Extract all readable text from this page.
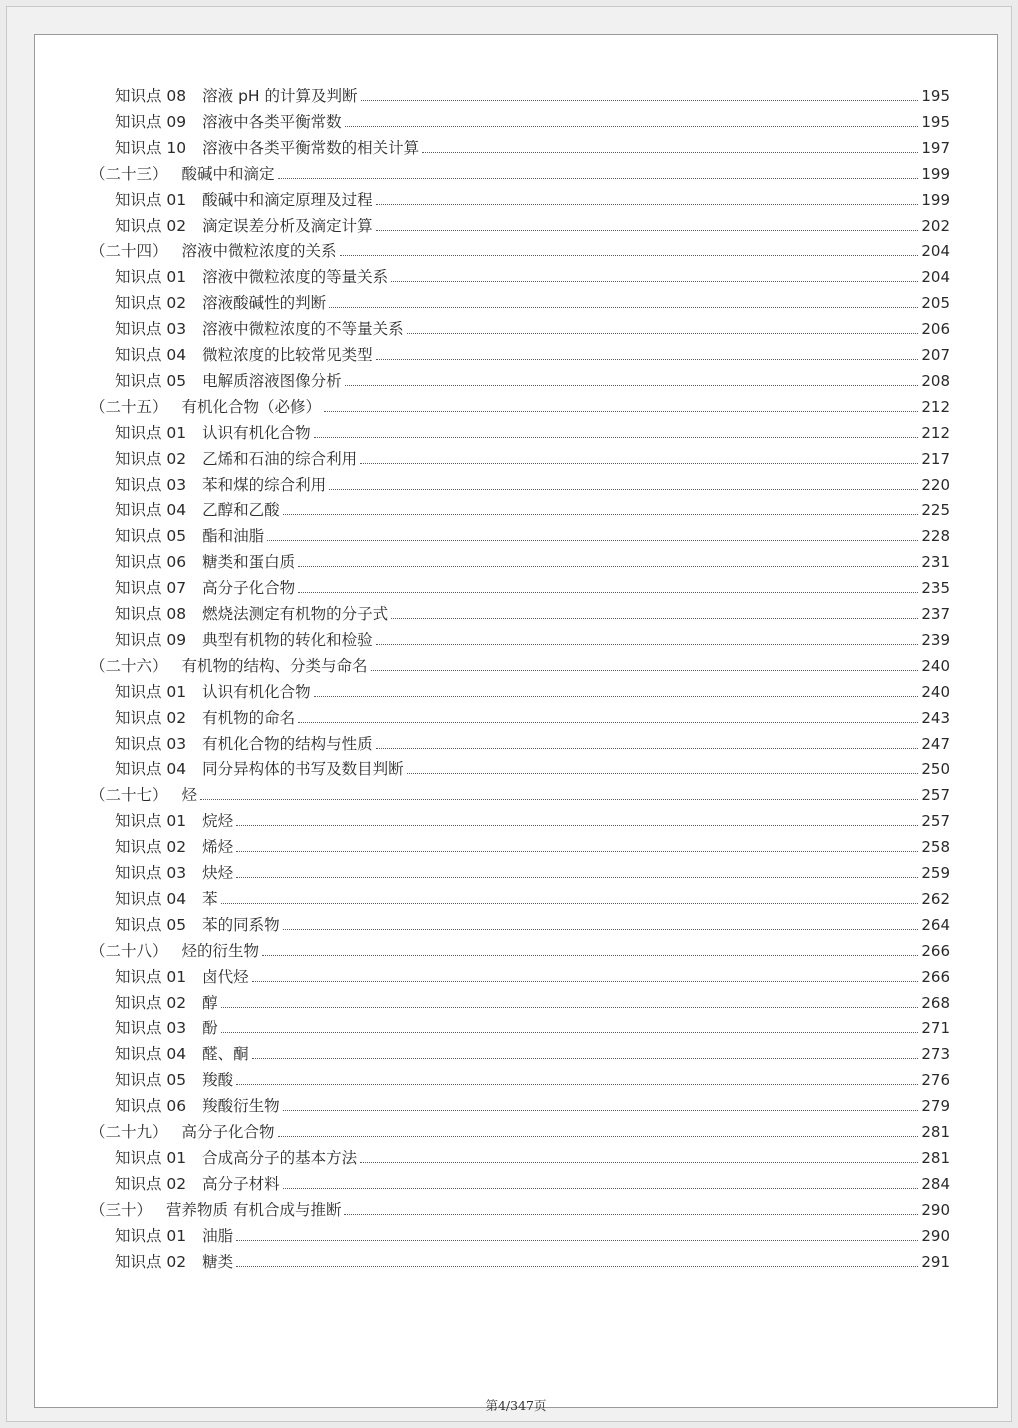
知识点 08 溶液 pH 的计算及判断	195
知识点 09 溶液中各类平衡常数	195
知识点 10 溶液中各类平衡常数的相关计算	197
（二十三） 酸碱中和滴定	199
知识点 01 酸碱中和滴定原理及过程	199
知识点 02 滴定误差分析及滴定计算	202
（二十四） 溶液中微粒浓度的关系	204
知识点 01 溶液中微粒浓度的等量关系	204
知识点 02 溶液酸碱性的判断	205
知识点 03 溶液中微粒浓度的不等量关系	206
知识点 04 微粒浓度的比较常见类型	207
知识点 05 电解质溶液图像分析	208
（二十五） 有机化合物（必修）	212
知识点 01 认识有机化合物	212
知识点 02 乙烯和石油的综合利用	217
知识点 03 苯和煤的综合利用	220
知识点 04 乙醇和乙酸	225
知识点 05 酯和油脂	228
知识点 06 糖类和蛋白质	231
知识点 07 高分子化合物	235
知识点 08 燃烧法测定有机物的分子式	237
知识点 09 典型有机物的转化和检验	239
（二十六） 有机物的结构、分类与命名	240
知识点 01 认识有机化合物	240
知识点 02 有机物的命名	243
知识点 03 有机化合物的结构与性质	247
知识点 04 同分异构体的书写及数目判断	250
（二十七） 烃	257
知识点 01 烷烃	257
知识点 02 烯烃	258
知识点 03 炔烃	259
知识点 04 苯	262
知识点 05 苯的同系物	264
（二十八） 烃的衍生物	266
知识点 01 卤代烃	266
知识点 02 醇	268
知识点 03 酚	271
知识点 04 醛、酮	273
知识点 05 羧酸	276
知识点 06 羧酸衍生物	279
（二十九） 高分子化合物	281
知识点 01 合成高分子的基本方法	281
知识点 02 高分子材料	284
（三十） 营养物质 有机合成与推断	290
知识点 01 油脂	290
知识点 02 糖类	291
第4/347页
